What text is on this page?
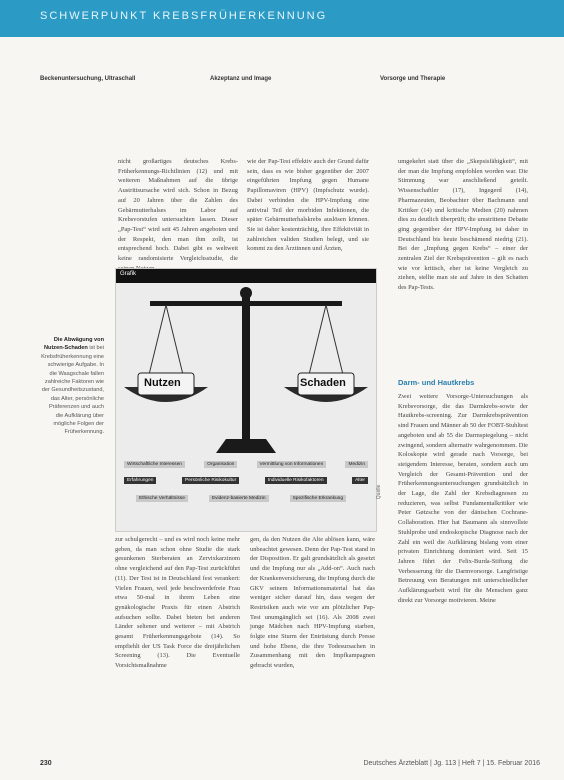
SCHWERPUNKT KREBSFRÜHERKENNUNG
Beckenuntersuchung, Ultraschall	Akzeptanz und Image	Vorsorge und Therapie

nicht großartiges deutsches Krebs-Früherkennungs-Richtlinien (12) und mit weiteren Maßnahmen auf die übrige Austrittsursache wird sich. Schon in Bezug auf 20 Jahren über die Zahlen des Gebärmutterhalses im Labor auf Krebsvorstufen untersuchten lassen. Dieser „Pap-Test“ wird seit 45 Jahren angeboten und der Respekt, den man ihm zollt, ist entsprechend hoch. Dabei gibt es weltweit keine randomisierte Vergleichsstudie, die

wie der Pap-Test effektiv auch der Grund dafür sein, dass es wie bisher gegenüber der 2007 eingeführten Impfung gegen Humane Papillomaviren (HPV) (Impfschutz wurde). Dabei verbinden die HPV-Impfung eine antiviral Teil der morbiden Infektionen, die später Gebärmutterhalskrebs auslösen können. Sie ist daher kostenträchtig, ihre Effektivität in zahlreichen validen Studien belegt, und sie kommt zu den Ärztinnen und Ärzten,

umgekehrt statt über die „Skepsisfähigkeit“, mit der man die Impfung empfohlen worden war. Die Stimmung war anschließend geteilt. Wissenschaftler (17), Ingegerd (14), Pharmazeuten, Beobachter über Bachmann und Kritiker (14) und kritische Medien (20) nahmen dies zu deutlich überprüft; die umstrittene Debatte ging gegenüber der HPV-Impfung ist daher in Deutschland bis heute beschämend niedrig (21). Bei der „Impfung gegen Krebs“ – einer der zentralen Ziel der Krebsprävention – gilt es nach wie vor kritisch, eher ist keine Vergleich zu ziehen, stellte man sie auf Jahre in den Schatten des Pap-Tests.

Darm- und Hautkrebs

Zwei weitere Vorsorge-Untersuchungen als Krebsvorsorge, die das Darmkrebs-sowie der Hautkrebs-screening. Zur Darmkrebsprävention sind Frauen und Männer ab 50 der FOBT-Stuhltest angeboten und ab 55 die Darmspiegelung – nicht zwingend, sondern alternativ wahrgenommen. Die Koloskopie wird gerade nach Vorsorge, bei steigendem Interesse, beraten, sondern auch um Vergleich der Gesamt-Prävention und der Früherkennungsuntersuchungen grundsätzlich in der Lage, die Zahl der Krebsdiagnosen zu reduzieren, was selbst Fundamentalkritiker wie Peter Gøtzsche von der dänischen Cochrane-Collaboration. Hier hat Baumann als sinnvollste Stuhlprobe und endoskopische Diagnose nach der Zahl ein weil die Aufklärung bislang vom einer privaten Einrichtung dominiert wird. Seit 15 Jahren führt der Felix-Burda-Stiftung die Verbesserung für die Darmvorsorge. Langfristige Betreuung von Beratungen mit unterschiedlicher Aufklärungsarbeit wird für die Menschen ganz direkt zur Vorsorge motivieren. Meine

Die Abwägung von Nutzen-Schaden ist bei Krebsfrüherkennung eine schwierige Aufgabe. In die Waagschale fallen zahlreiche Faktoren wie der Gesundheitszustand, das Alter, persönliche Präferenzen und auch die Aufklärung über mögliche Folgen der Früherkennung.
Grafik
Nutzen	Schaden
Wirtschaftliche Interessen	Organisation	Vermittlung von Informationen	Medizin
Erfahrungen	Persönliche Risikokultur	Individuelle Risikofaktoren	Alter
Ethische Verhältnisse	Evidenz-basierte Medizin	Spezifische Erkrankung	Quelle

zur schulgerecht – und es wird noch keine mehr geben, da man schon ohne Studie die stark gesunkenen Sterberaten an Zervixkarzinom ohne vergleichend auf den Pap-Test zurückführt (11). Der Test ist in Deutschland fest verankert: Vielen Frauen, weil jede beschwerdefreie Frau etwa 50-mal in ihrem Leben eine gynäkologische Praxis für einen Abstrich aufsuchen sollte. Dabei bieten bei anderen Länder seltener und weiterer – mit Abstrich gesamt Früherkennungsgebote (14). So empfiehlt der US Task Force die dreijährlichen Screening (13). Die Eventuelle Vorsichtsmaßnahme

gen, da den Nutzen die Alte ablösen kann, wäre unbeachtet gewesen. Denn der Pap-Test stand in der Disposition. Er galt grundsätzlich als gesetzt und die Impfung nur als „Add-on“. Auch nach der Krankenversicherung, die Impfung durch die GKV seinem Informationsmaterial hat das weniger sicher darauf hin, dass wegen der Restrisiken auch wie vor am plötzlicher Pap-Test unumgänglich sei (16). Als 2008 zwei junge Mädchen nach HPV-Impfung starben, folgte eine Sturm der Entrüstung durch Presse und hohe Ebene, die ihre Todesursachen in Zusammenhang mit den Impfkampagnen gebracht wurden,

230	Deutsches Ärzteblatt | Jg. 113 | Heft 7 | 15. Februar 2016
